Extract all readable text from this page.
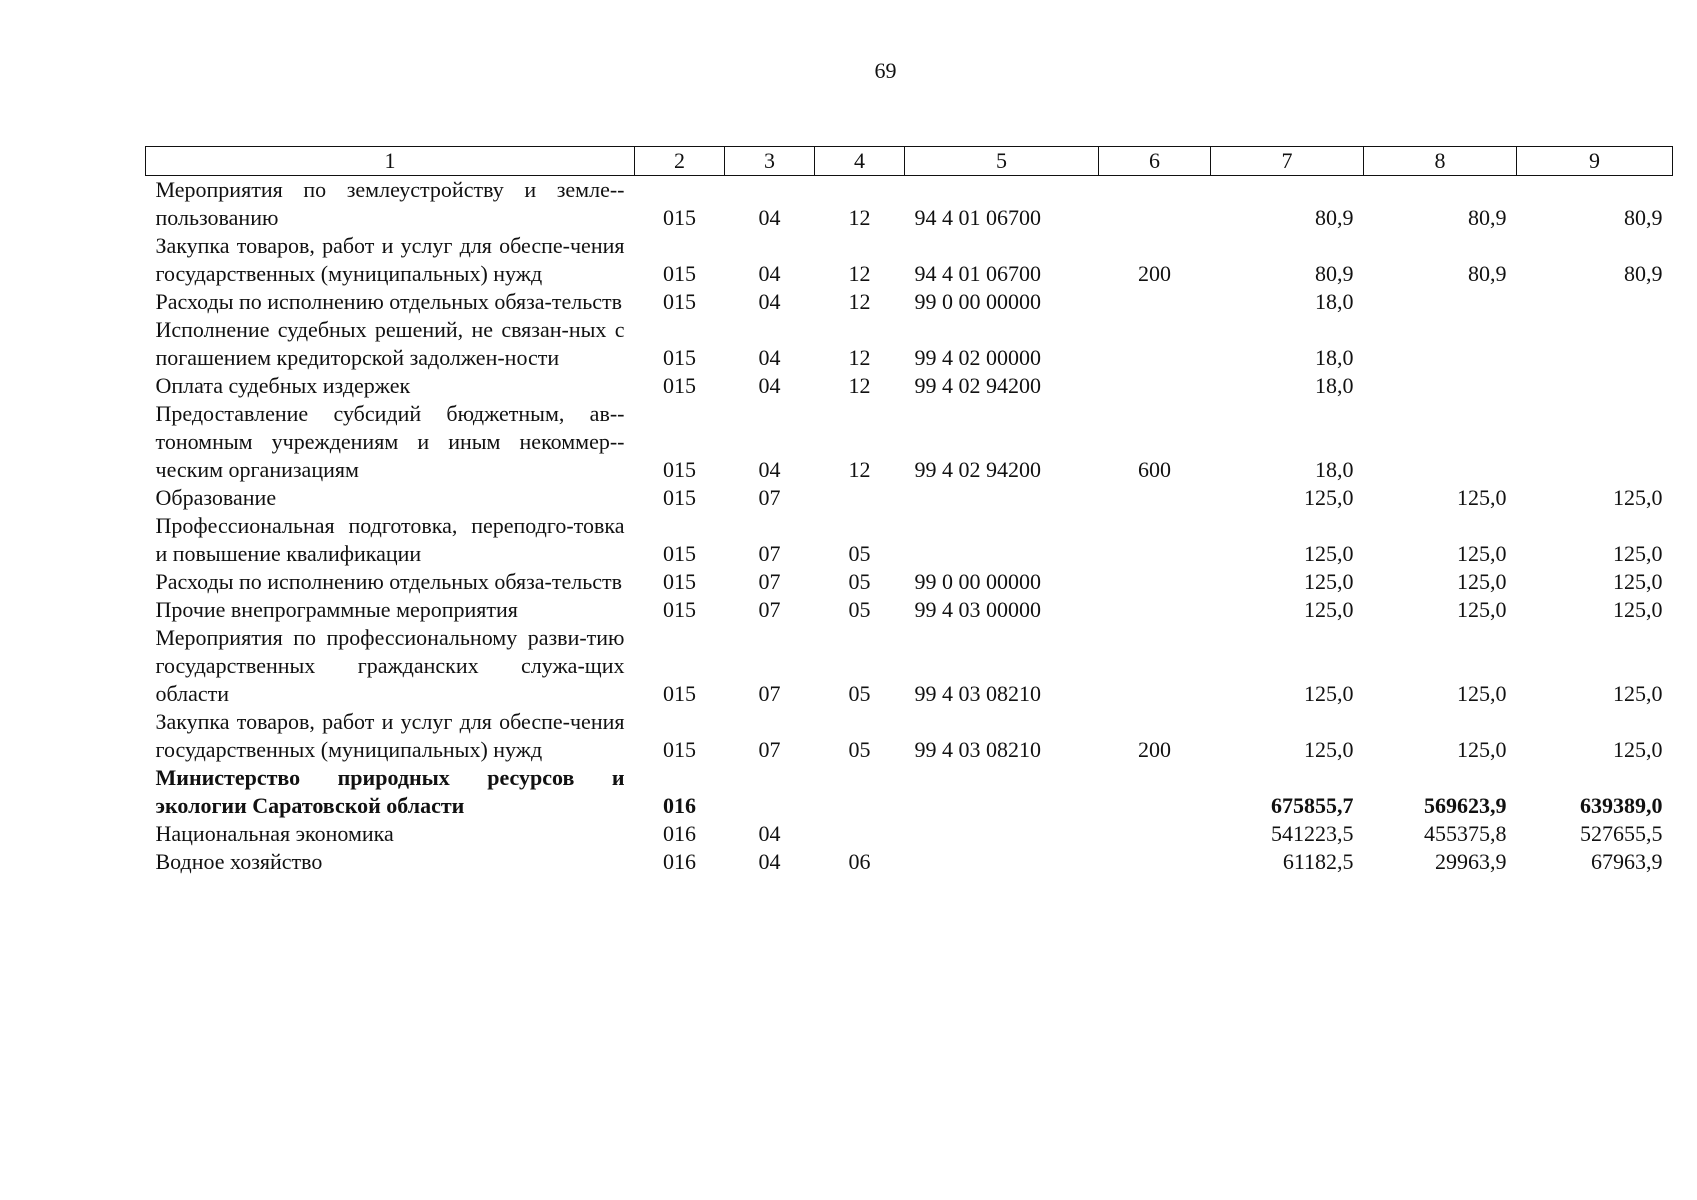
69
1	2	3	4	5	6	7	8	9
Мероприятия по землеустройству и земле-пользованию	015	04	12	94 4 01 06700		80,9	80,9	80,9
Закупка товаров, работ и услуг для обеспе-чения государственных (муниципальных) нужд	015	04	12	94 4 01 06700	200	80,9	80,9	80,9
Расходы по исполнению отдельных обяза-тельств	015	04	12	99 0 00 00000		18,0		
Исполнение судебных решений, не связан-ных с погашением кредиторской задолжен-ности	015	04	12	99 4 02 00000		18,0		
Оплата судебных издержек	015	04	12	99 4 02 94200		18,0		
Предоставление субсидий бюджетным, ав-тономным учреждениям и иным некоммер-ческим организациям	015	04	12	99 4 02 94200	600	18,0		
Образование	015	07				125,0	125,0	125,0
Профессиональная подготовка, переподго-товка и повышение квалификации	015	07	05			125,0	125,0	125,0
Расходы по исполнению отдельных обяза-тельств	015	07	05	99 0 00 00000		125,0	125,0	125,0
Прочие внепрограммные мероприятия	015	07	05	99 4 03 00000		125,0	125,0	125,0
Мероприятия по профессиональному разви-тию государственных гражданских служа-щих области	015	07	05	99 4 03 08210		125,0	125,0	125,0
Закупка товаров, работ и услуг для обеспе-чения государственных (муниципальных) нужд	015	07	05	99 4 03 08210	200	125,0	125,0	125,0
Министерство природных ресурсов и экологии Саратовской области	016					675855,7	569623,9	639389,0
Национальная экономика	016	04				541223,5	455375,8	527655,5
Водное хозяйство	016	04	06			61182,5	29963,9	67963,9
